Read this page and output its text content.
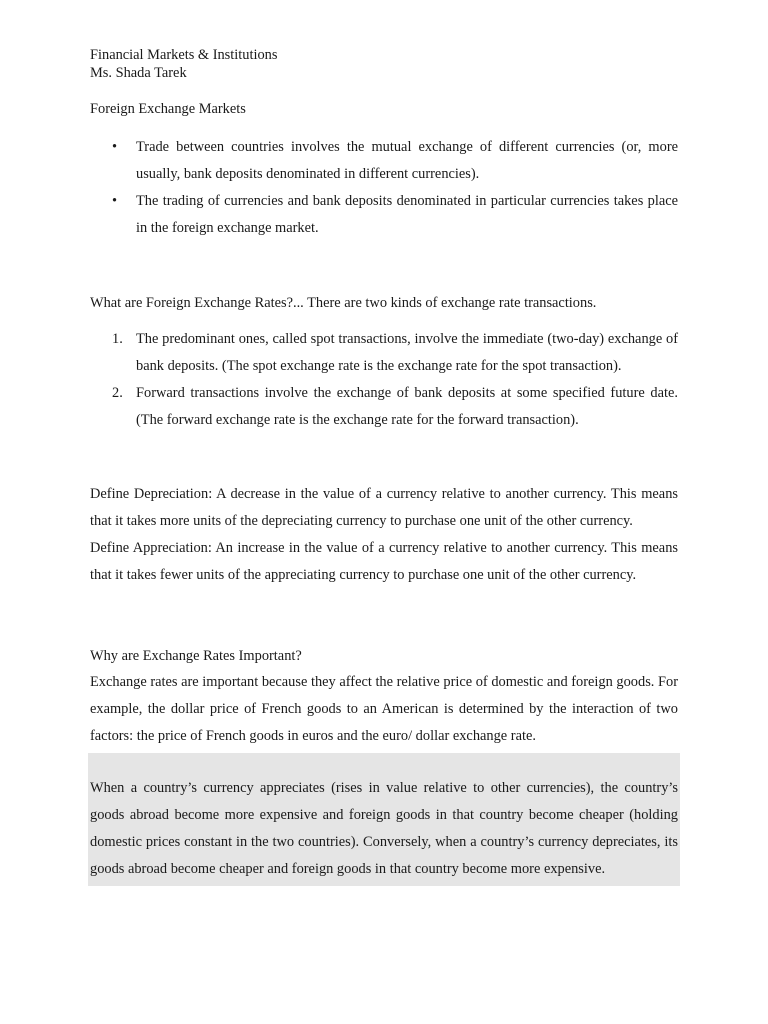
Financial Markets & Institutions

Ms. Shada Tarek

Foreign Exchange Markets

• Trade between countries involves the mutual exchange of different currencies (or, more usually, bank deposits denominated in different currencies).
• The trading of currencies and bank deposits denominated in particular currencies takes place in the foreign exchange market.

What are Foreign Exchange Rates?... There are two kinds of exchange rate transactions.

1. The predominant ones, called spot transactions, involve the immediate (two-day) exchange of bank deposits. (The spot exchange rate is the exchange rate for the spot transaction).
2. Forward transactions involve the exchange of bank deposits at some specified future date. (The forward exchange rate is the exchange rate for the forward transaction).

Define Depreciation: A decrease in the value of a currency relative to another currency. This means that it takes more units of the depreciating currency to purchase one unit of the other currency.

Define Appreciation: An increase in the value of a currency relative to another currency. This means that it takes fewer units of the appreciating currency to purchase one unit of the other currency.

Why are Exchange Rates Important?

Exchange rates are important because they affect the relative price of domestic and foreign goods. For example, the dollar price of French goods to an American is determined by the interaction of two factors: the price of French goods in euros and the euro/ dollar exchange rate.

When a country’s currency appreciates (rises in value relative to other currencies), the country’s goods abroad become more expensive and foreign goods in that country become cheaper (holding domestic prices constant in the two countries). Conversely, when a country’s currency depreciates, its goods abroad become cheaper and foreign goods in that country become more expensive.
